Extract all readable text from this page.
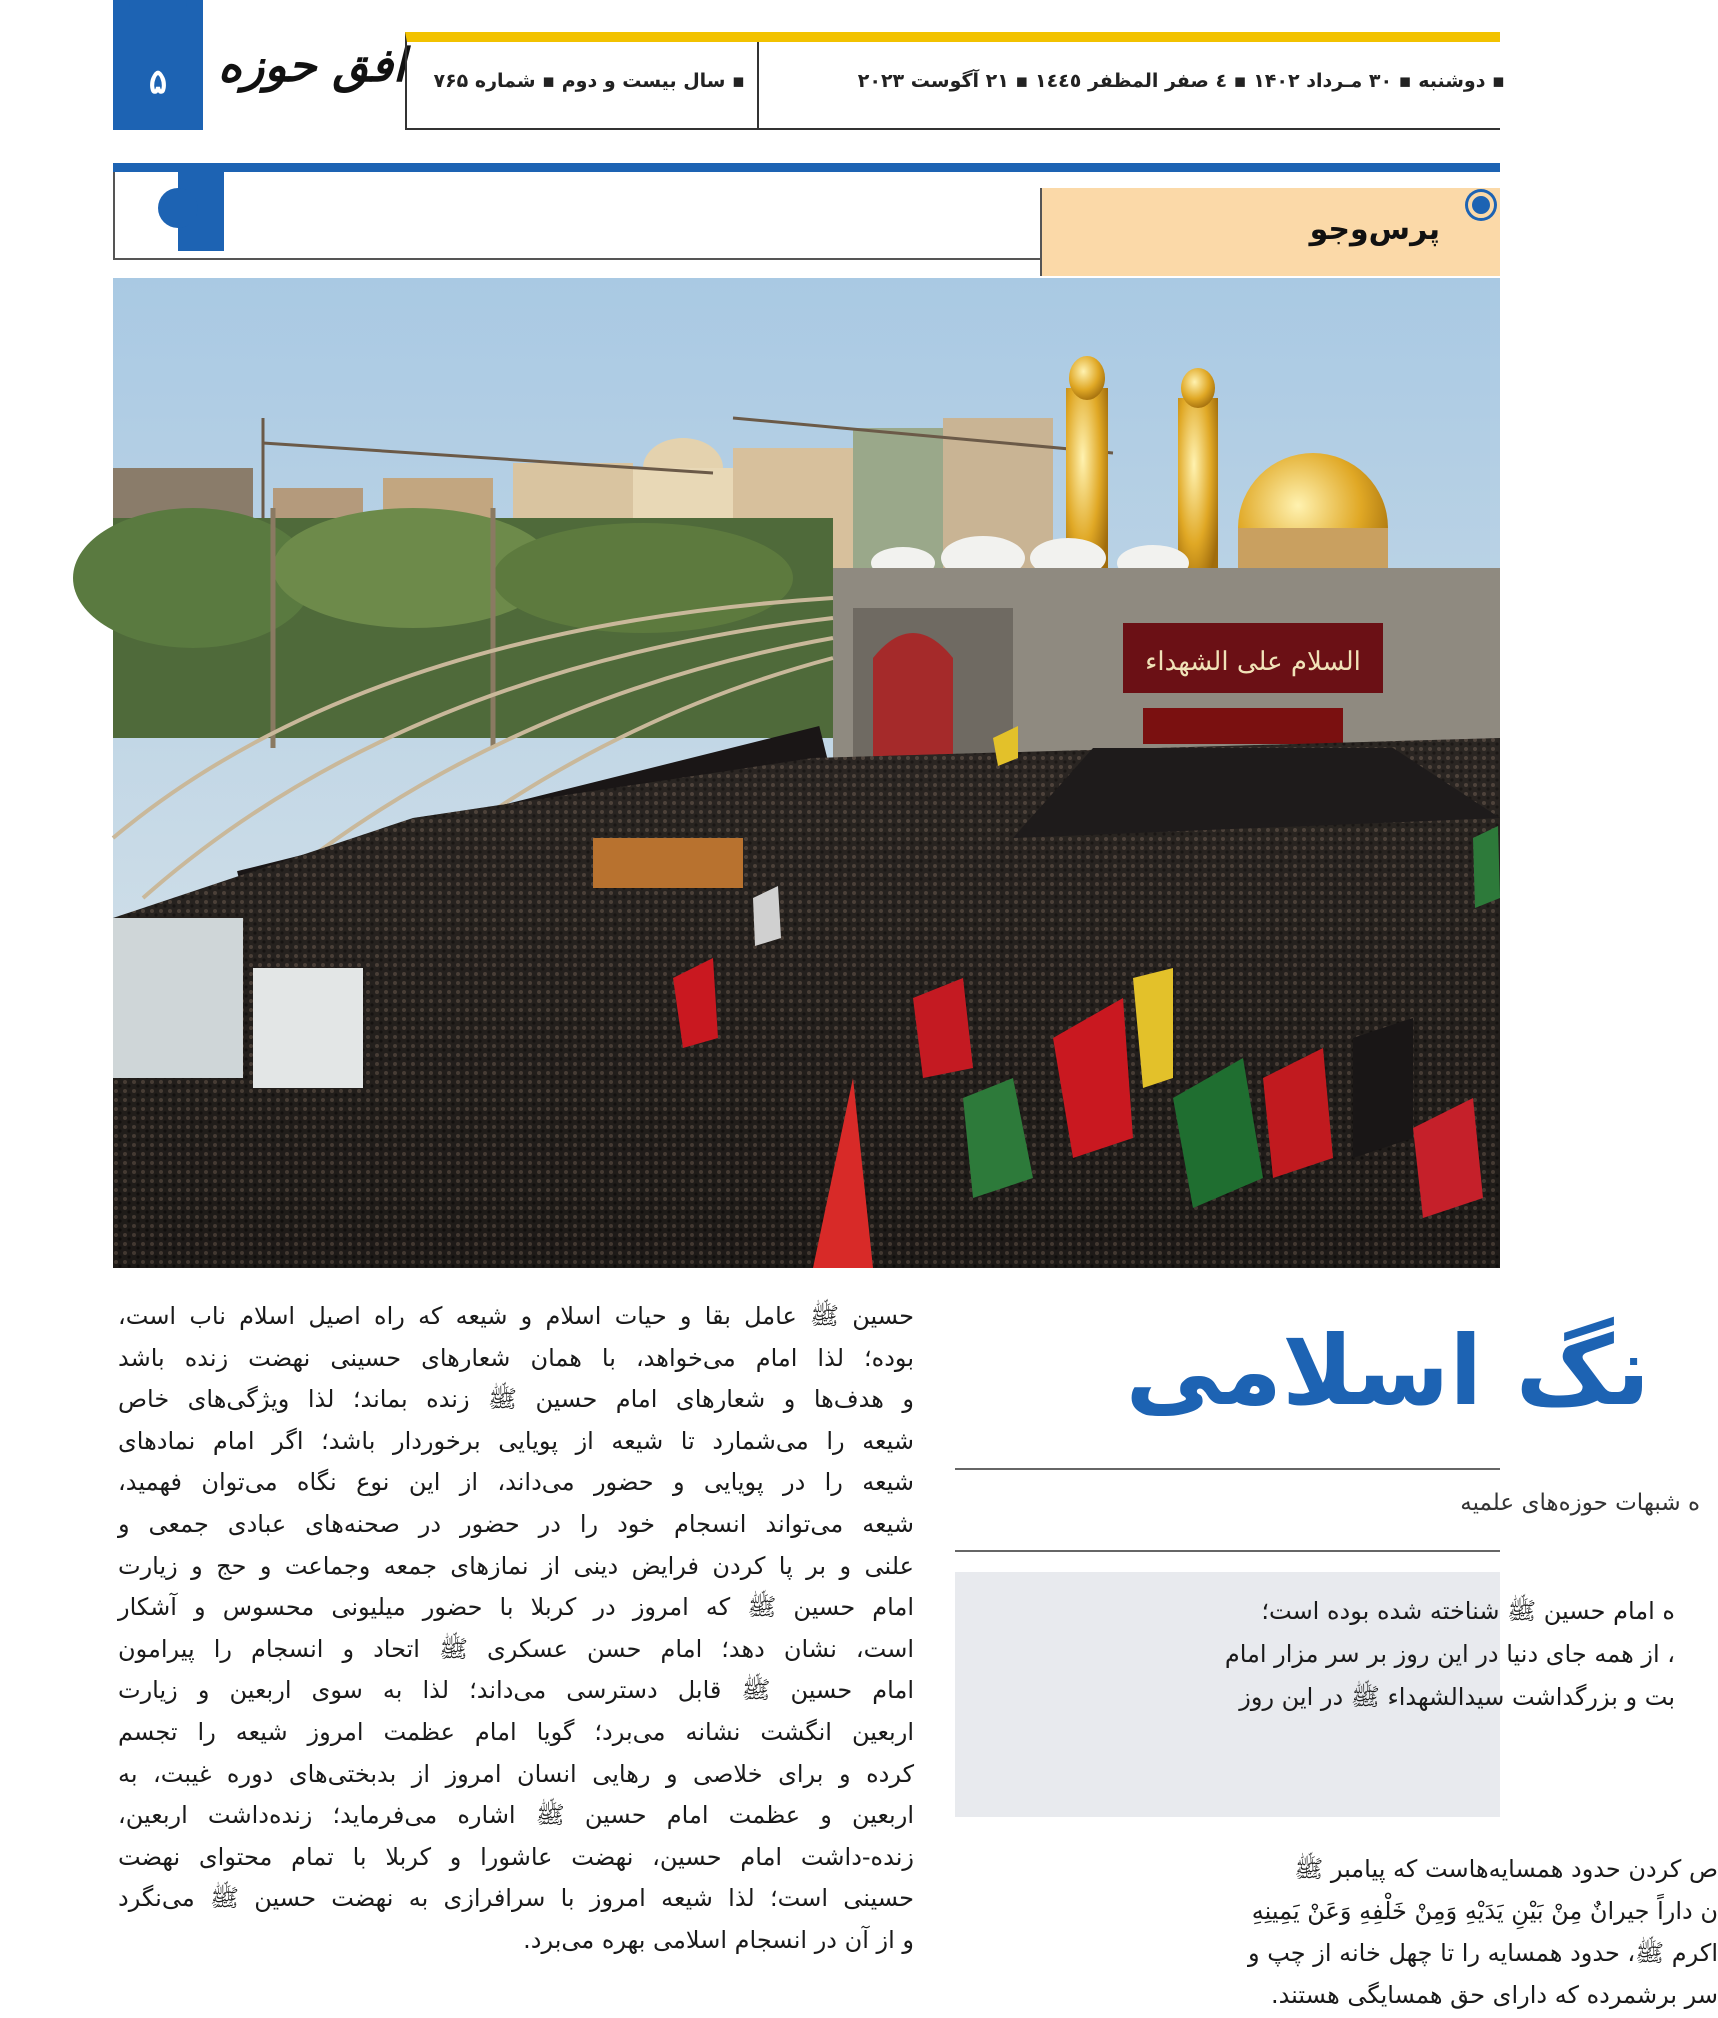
۵	افق حوزه	▪ سال بیست و دوم ▪ شماره ۷۶۵	▪ دوشنبه ▪ ۳۰ مـرداد ۱۴۰۲ ▪ ٤ صفر المظفر ١٤٤٥ ▪ ۲۱ آگوست ۲۰۲۳
پرس‌وجو
السلام علی الشهداء

حسین ﷺ عامل بقا و حیات اسلام و شیعه که راه اصیل اسلام ناب است،

بوده؛ لذا امام می‌خواهد، با همان شعارهای حسینی نهضت زنده باشد

و هدف‌ها و شعارهای امام حسین ﷺ زنده بماند؛ لذا ویژگی‌های خاص

شیعه را می‌شمارد تا شیعه از پویایی برخوردار باشد؛ اگر امام نمادهای

شیعه را در پویایی و حضور می‌داند، از این نوع نگاه می‌توان فهمید،

شیعه می‌تواند انسجام خود را در حضور در صحنه‌های عبادی جمعی و

علنی و بر پا کردن فرایض دینی از نمازهای جمعه وجماعت و حج و زیارت

امام حسین ﷺ که امروز در کربلا با حضور میلیونی محسوس و آشکار

است، نشان دهد؛ امام حسن عسکری ﷺ اتحاد و انسجام را پیرامون

امام حسین ﷺ قابل دسترسی می‌داند؛ لذا به سوی اربعین و زیارت

اربعین انگشت نشانه می‌برد؛ گویا امام عظمت امروز شیعه را تجسم

کرده و برای خلاصی و رهایی انسان امروز از بدبختی‌های دوره غیبت، به

اربعین و عظمت امام حسین ﷺ اشاره می‌فرماید؛ زنده‌داشت اربعین،

زنده-داشت امام حسین، نهضت عاشورا و کربلا با تمام محتوای نهضت

حسینی است؛ لذا شیعه امروز با سرافرازی به نهضت حسین ﷺ می‌نگرد

و از آن در انسجام اسلامی بهره می‌برد.

نگ اسلامی
ه شبهات حوزه‌های علمیه
ه امام حسین ﷺ شناخته شده بوده است؛
، از همه جای دنیا در این روز بر سر مزار امام
بت و بزرگداشت سیدالشهداء ﷺ در این روز
ص کردن حدود همسایه‌هاست که پیامبر ﷺ
ن داراً جیرانٌ مِنْ بَیْنِ یَدَیْهِ وَمِنْ خَلْفِهِ وَعَنْ یَمِینِهِ
اکرم ﷺ، حدود همسایه را تا چهل خانه از چپ و
سر برشمرده که دارای حق همسایگی هستند.
